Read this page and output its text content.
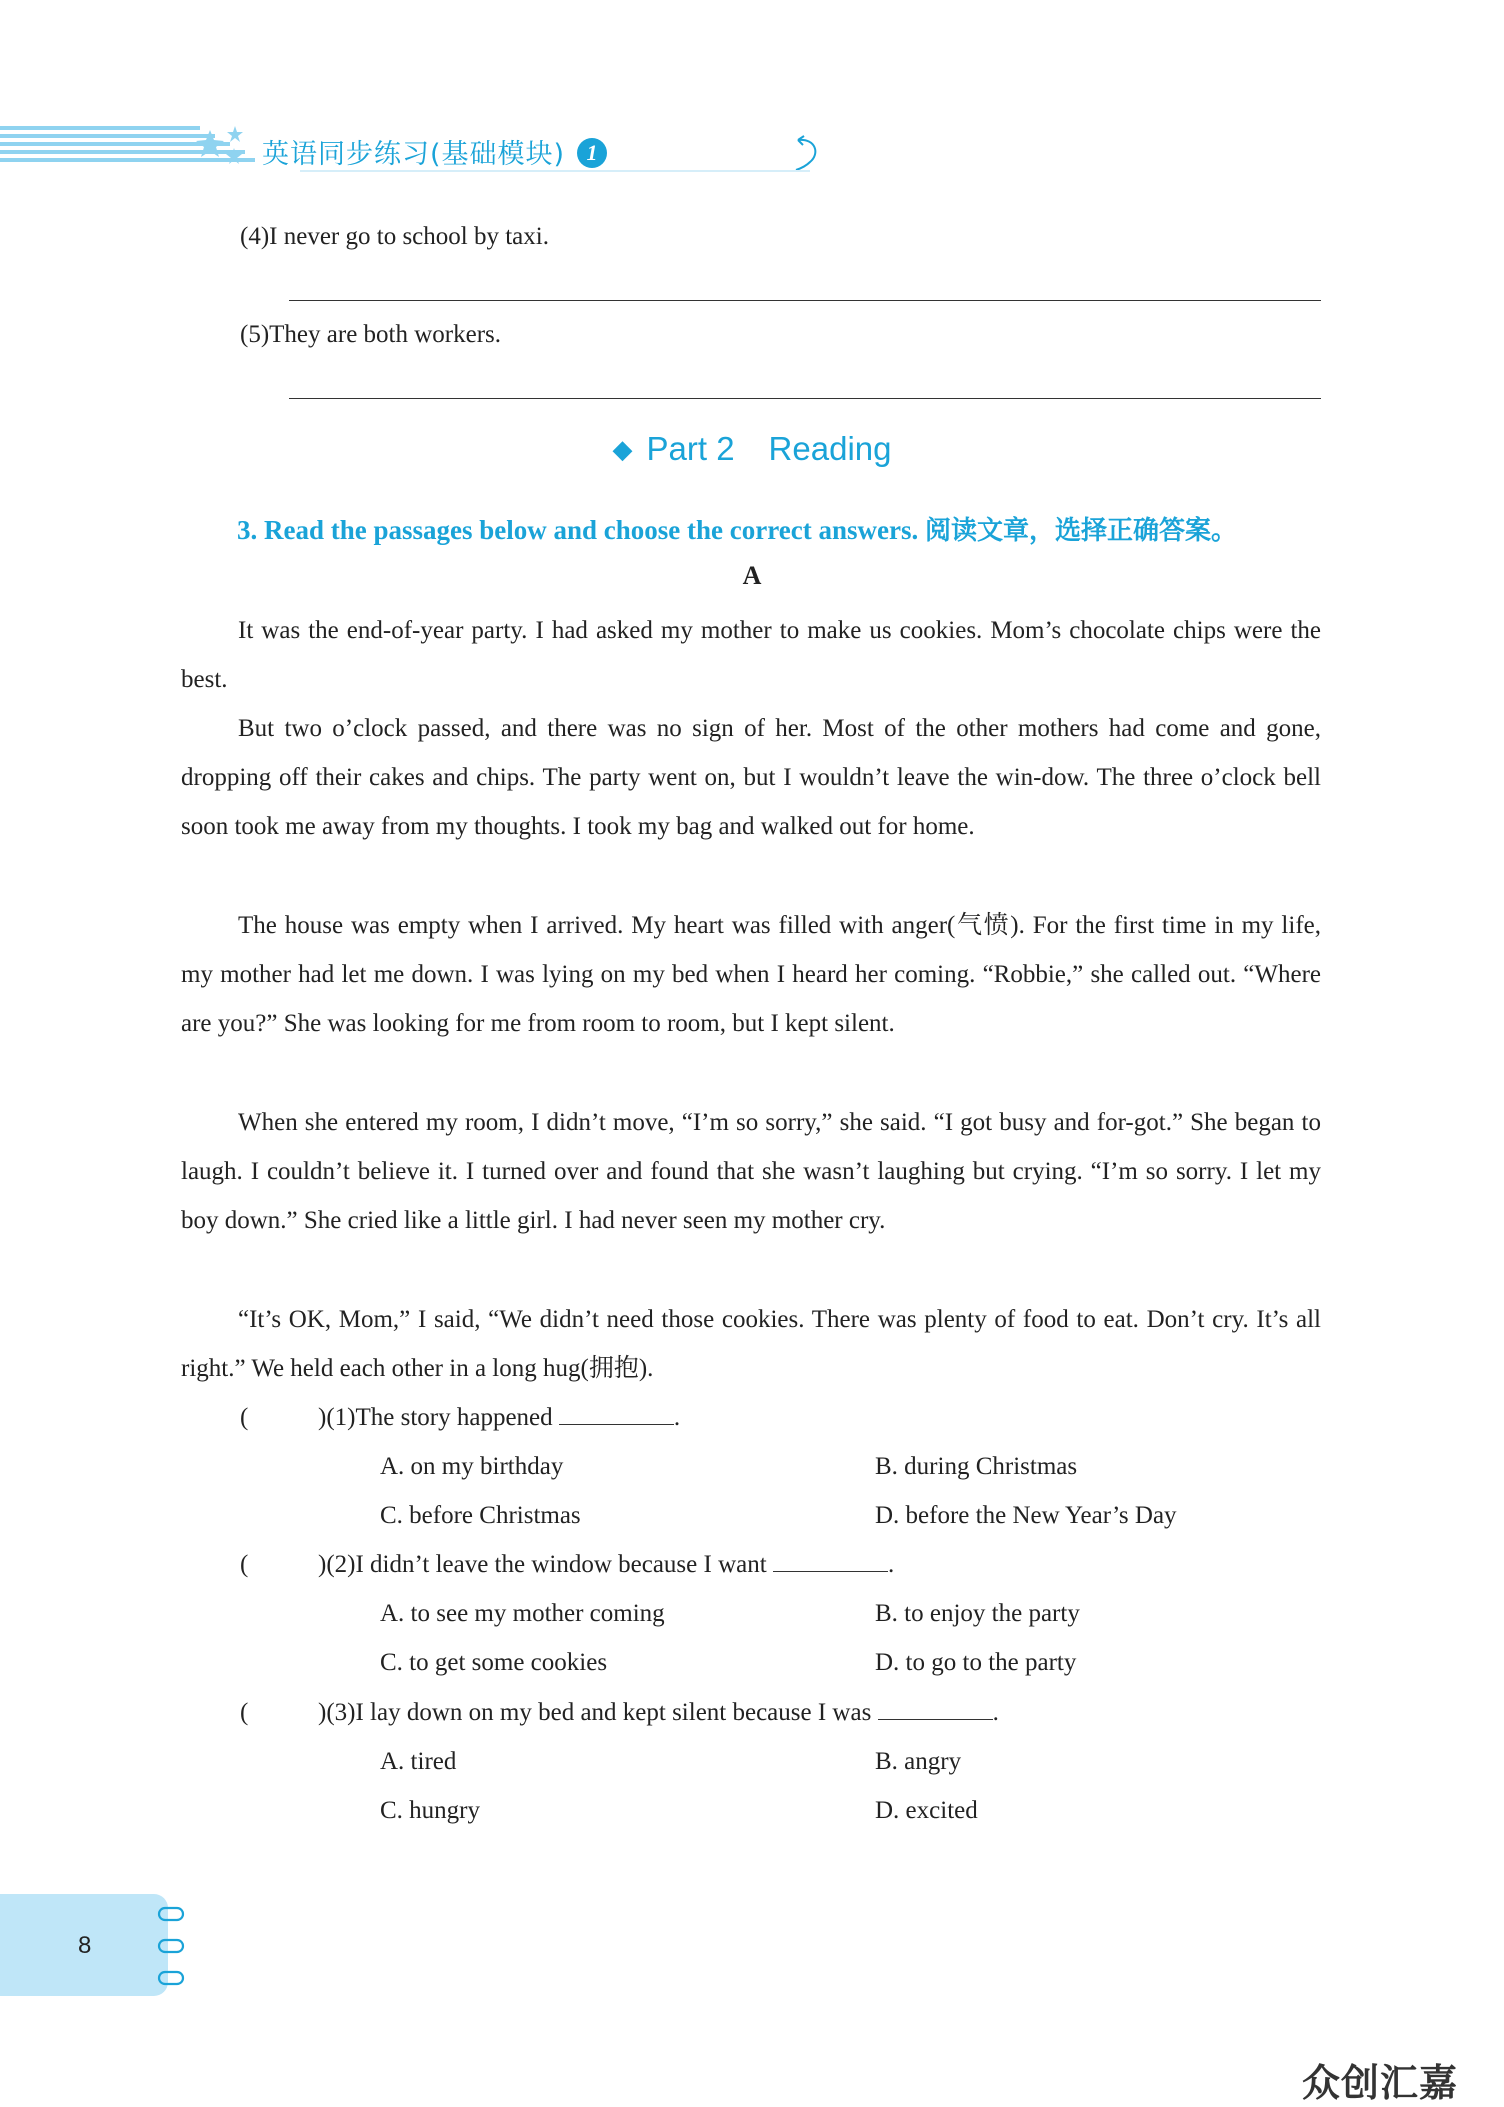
英语同步练习(基础模块) 1
(4)I never go to school by taxi.
(5)They are both workers.
◆ Part 2 Reading
3. Read the passages below and choose the correct answers. 阅读文章，选择正确答案。
A
It was the end-of-year party. I had asked my mother to make us cookies. Mom’s chocolate chips were the best.
But two o’clock passed, and there was no sign of her. Most of the other mothers had come and gone, dropping off their cakes and chips. The party went on, but I wouldn’t leave the win-dow. The three o’clock bell soon took me away from my thoughts. I took my bag and walked out for home.
The house was empty when I arrived. My heart was filled with anger(气愤). For the first time in my life, my mother had let me down. I was lying on my bed when I heard her coming. “Robbie,” she called out. “Where are you?” She was looking for me from room to room, but I kept silent.
When she entered my room, I didn’t move, “I’m so sorry,” she said. “I got busy and for-got.” She began to laugh. I couldn’t believe it. I turned over and found that she wasn’t laughing but crying. “I’m so sorry. I let my boy down.” She cried like a little girl. I had never seen my mother cry.
“It’s OK, Mom,” I said, “We didn’t need those cookies. There was plenty of food to eat. Don’t cry. It’s all right.” We held each other in a long hug(拥抱).
(	)(1)The story happened	.
A. on my birthday	B. during Christmas
C. before Christmas	D. before the New Year’s Day
(	)(2)I didn’t leave the window because I want	.
A. to see my mother coming	B. to enjoy the party
C. to get some cookies	D. to go to the party
(	)(3)I lay down on my bed and kept silent because I was	.
A. tired	B. angry
C. hungry	D. excited
8
众创汇嘉
